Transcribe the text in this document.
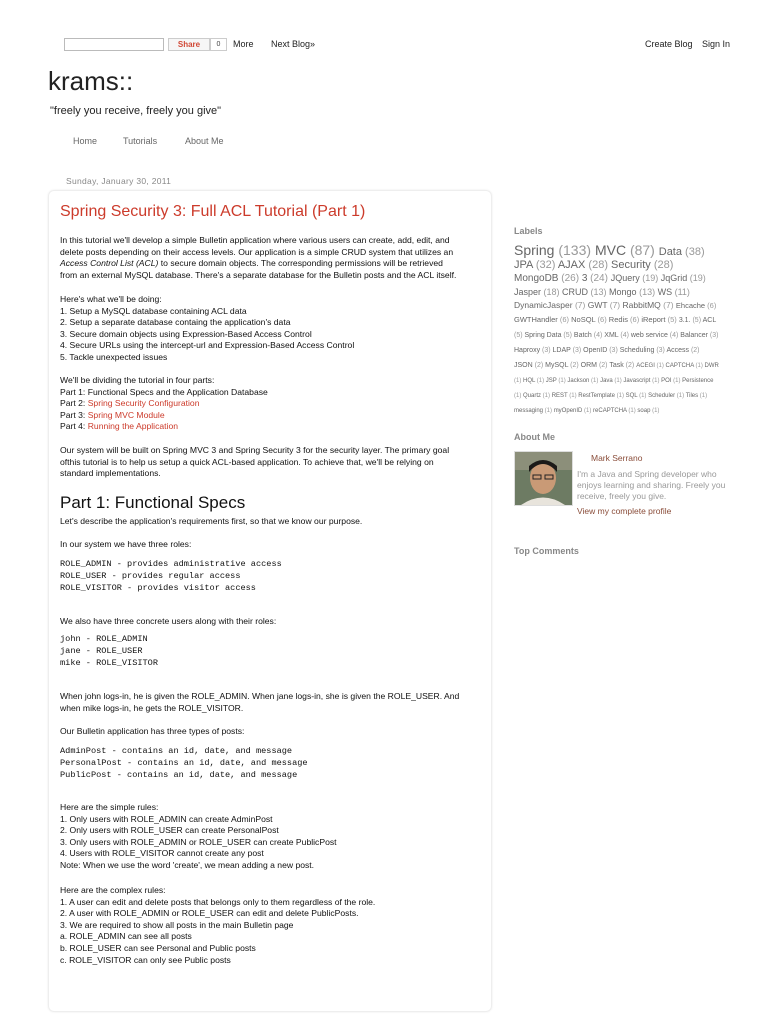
Share	0	More Next Blog»	Create Blog Sign In
krams::
"freely you receive, freely you give"
Home	Tutorials	About Me
Sunday, January 30, 2011
Spring Security 3: Full ACL Tutorial (Part 1)
In this tutorial we'll develop a simple Bulletin application where various users can create, add, edit, and
delete posts depending on their access levels. Our application is a simple CRUD system that utilizes an
Access Control List (ACL) to secure domain objects. The corresponding permissions will be retrieved
from an external MySQL database. There's a separate database for the Bulletin posts and the ACL itself.
Here's what we'll be doing:
1. Setup a MySQL database containing ACL data
2. Setup a separate database containg the application's data
3. Secure domain objects using Expression-Based Access Control
4. Secure URLs using the intercept-url and Expression-Based Access Control
5. Tackle unexpected issues
We'll be dividing the tutorial in four parts:
Part 1: Functional Specs and the Application Database
Part 2: Spring Security Configuration
Part 3: Spring MVC Module
Part 4: Running the Application
Our system will be built on Spring MVC 3 and Spring Security 3 for the security layer. The primary goal
ofthis tutorial is to help us setup a quick ACL-based application. To achieve that, we'll be relying on
standard implementations.
Part 1: Functional Specs
Let's describe the application's requirements first, so that we know our purpose.
In our system we have three roles:
ROLE_ADMIN - provides administrative access
ROLE_USER - provides regular access
ROLE_VISITOR - provides visitor access
We also have three concrete users along with their roles:
john - ROLE_ADMIN
jane - ROLE_USER
mike - ROLE_VISITOR
When john logs-in, he is given the ROLE_ADMIN. When jane logs-in, she is given the ROLE_USER. And
when mike logs-in, he gets the ROLE_VISITOR.
Our Bulletin application has three types of posts:
AdminPost - contains an id, date, and message
PersonalPost - contains an id, date, and message
PublicPost - contains an id, date, and message
Here are the simple rules:
1. Only users with ROLE_ADMIN can create AdminPost
2. Only users with ROLE_USER can create PersonalPost
3. Only users with ROLE_ADMIN or ROLE_USER can create PublicPost
4. Users with ROLE_VISITOR cannot create any post
Note: When we use the word 'create', we mean adding a new post.
Here are the complex rules:
1. A user can edit and delete posts that belongs only to them regardless of the role.
2. A user with ROLE_ADMIN or ROLE_USER can edit and delete PublicPosts.
3. We are required to show all posts in the main Bulletin page
a. ROLE_ADMIN can see all posts
b. ROLE_USER can see Personal and Public posts
c. ROLE_VISITOR can only see Public posts
Labels
Spring (133) MVC (87) Data (38) JPA (32) AJAX (28) Security (28) MongoDB (26) 3 (24) JQuery (19) JqGrid (19) Jasper (18) CRUD (13) Mongo (13) WS (11) DynamicJasper (7) GWT (7) RabbitMQ (7) Ehcache (6) GWTHandler (6) NoSQL (6) Redis (6) iReport (5) 3.1. (5) ACL (5) Spring Data (5) Batch (4) XML (4) web service (4) Balancer (3) Haproxy (3) LDAP (3) OpenID (3) Scheduling (3) Access (2) JSON (2) MySQL (2) ORM (2) Task (2) ACEGI (1) CAPTCHA (1) DWR (1) HQL (1) JSP (1) Jackson (1) Java (1) Javascript (1) POI (1) Persistence (1) Quartz (1) REST (1) RestTemplate (1) SQL (1) Scheduler (1) Tiles (1) messaging (1) myOpenID (1) reCAPTCHA (1) soap (1)
About Me
Mark Serrano
I'm a Java and Spring developer who enjoys learning and sharing. Freely you receive, freely you give.
View my complete profile
Top Comments
